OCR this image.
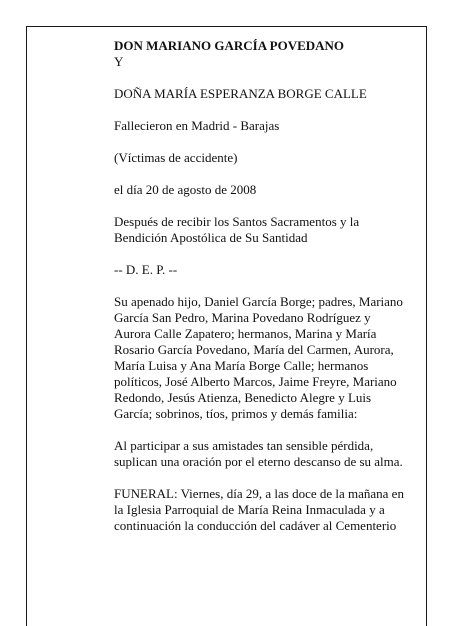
DON MARIANO GARCÍA POVEDANO

Y

DOÑA MARÍA ESPERANZA BORGE CALLE

Fallecieron en Madrid - Barajas

(Víctimas de accidente)

el día 20 de agosto de 2008

Después de recibir los Santos Sacramentos y la
Bendición Apostólica de Su Santidad

-- D. E. P. --

Su apenado hijo, Daniel García Borge; padres, Mariano
García San Pedro, Marina Povedano Rodríguez y
Aurora Calle Zapatero; hermanos, Marina y María
Rosario García Povedano, María del Carmen, Aurora,
María Luisa y Ana María Borge Calle; hermanos
políticos, José Alberto Marcos, Jaime Freyre, Mariano
Redondo, Jesús Atienza, Benedicto Alegre y Luis
García; sobrinos, tíos, primos y demás familia:

Al participar a sus amistades tan sensible pérdida,
suplican una oración por el eterno descanso de su alma.

FUNERAL: Viernes, día 29, a las doce de la mañana en
la Iglesia Parroquial de María Reina Inmaculada y a
continuación la conducción del cadáver al Cementerio
